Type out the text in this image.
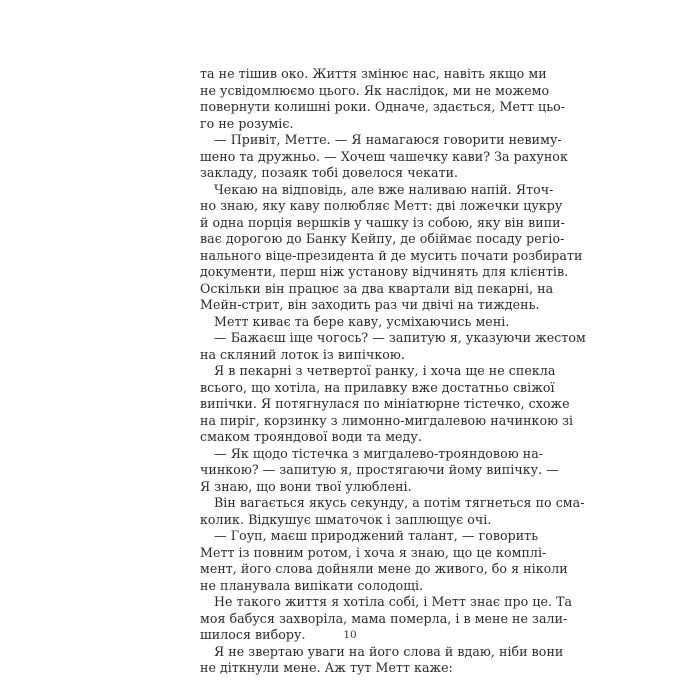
та не тішив око. Життя змінює нас, навіть якщо ми
не усвідомлюємо цього. Як наслідок, ми не можемо
повернути колишні роки. Одначе, здається, Метт цьо-
го не розуміє.
— Привіт, Метте. — Я намагаюся говорити невиму-
шено та дружньо. — Хочеш чашечку кави? За рахунок
закладу, позаяк тобі довелося чекати.
Чекаю на відповідь, але вже наливаю напій. Яточ-
но знаю, яку каву полюбляє Метт: дві ложечки цукру
й одна порція вершків у чашку із собою, яку він випи-
ває дорогою до Банку Кейпу, де обіймає посаду регіо-
нального віце-президента й де мусить почати розбирати
документи, перш ніж установу відчинять для клієнтів.
Оскільки він працює за два квартали від пекарні, на
Мейн-стрит, він заходить раз чи двічі на тиждень.
Метт киває та бере каву, усміхаючись мені.
— Бажаєш іще чогось? — запитую я, указуючи жестом
на скляний лоток із випічкою.
Я в пекарні з четвертої ранку, і хоча ще не спекла
всього, що хотіла, на прилавку вже достатньо свіжої
випічки. Я потягнулася по мініатюрне тістечко, схоже
на пиріг, корзинку з лимонно-мигдалевою начинкою зі
смаком трояндової води та меду.
— Як щодо тістечка з мигдалево-трояндовою на-
чинкою? — запитую я, простягаючи йому випічку. —
Я знаю, що вони твої улюблені.
Він вагається якусь секунду, а потім тягнеться по сма-
колик. Відкушує шматочок і заплющує очі.
— Гоуп, маєш природжений талант, — говорить
Метт із повним ротом, і хоча я знаю, що це комплі-
мент, його слова дойняли мене до живого, бо я ніколи
не планувала випікати солодощі.
Не такого життя я хотіла собі, і Метт знає про це. Та
моя бабуся захворіла, мама померла, і в мене не зали-
шилося вибору.
Я не звертаю уваги на його слова й вдаю, ніби вони
не діткнули мене. Аж тут Метт каже:
10
